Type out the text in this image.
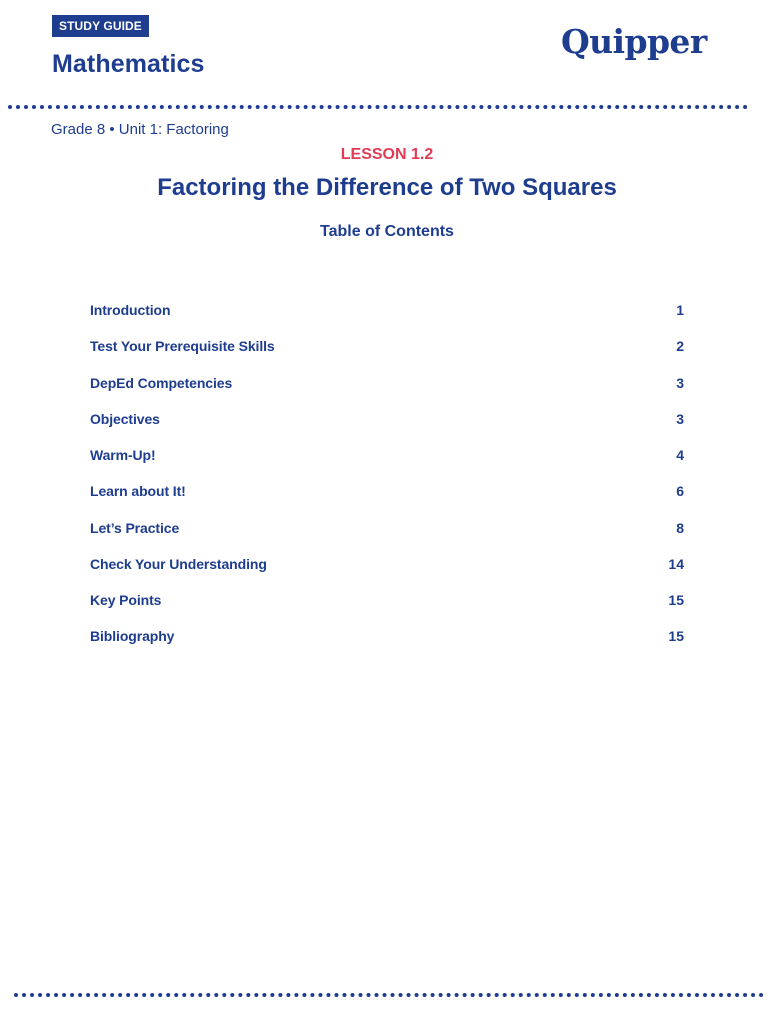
STUDY GUIDE
Mathematics
Quipper
Grade 8 • Unit 1: Factoring
LESSON 1.2
Factoring the Difference of Two Squares
Table of Contents
Introduction	1
Test Your Prerequisite Skills	2
DepEd Competencies	3
Objectives	3
Warm-Up!	4
Learn about It!	6
Let’s Practice	8
Check Your Understanding	14
Key Points	15
Bibliography	15
